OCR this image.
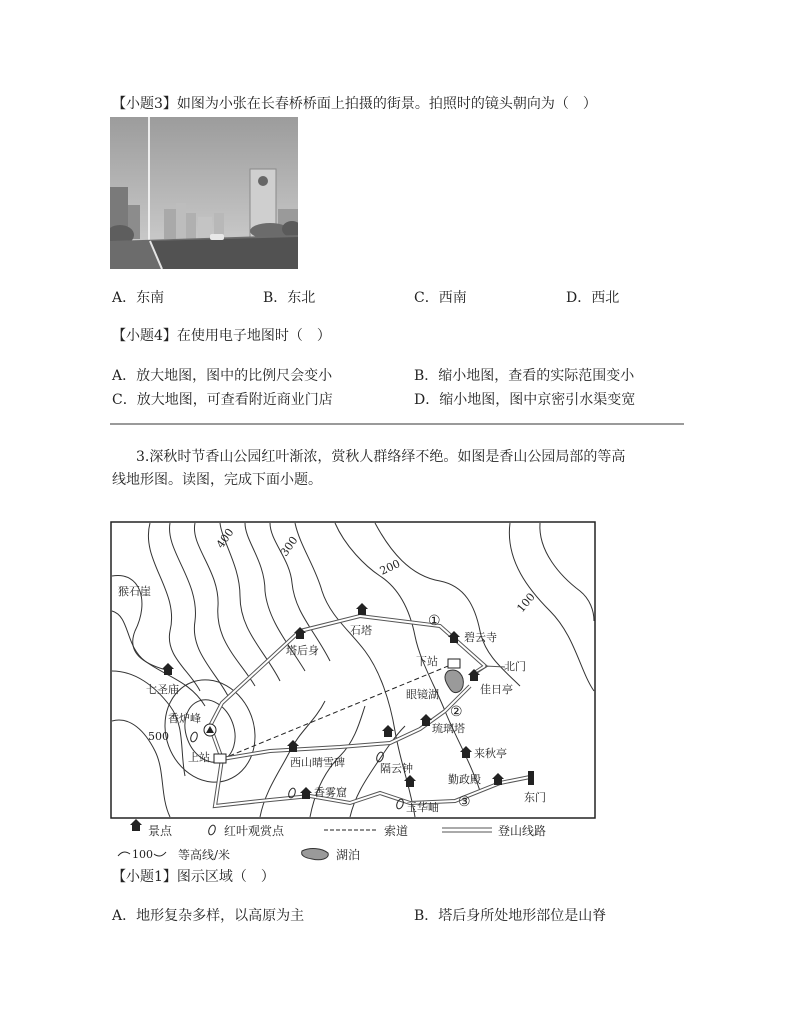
【小题3】如图为小张在长春桥桥面上拍摄的街景。拍照时的镜头朝向为（　）
A．东南	B．东北	C．西南	D．西北
【小题4】在使用电子地图时（　）
A．放大地图，图中的比例尺会变小	B．缩小地图，查看的实际范围变小
C．放大地图，可查看附近商业门店	D．缩小地图，图中京密引水渠变宽
3.深秋时节香山公园红叶渐浓，赏秋人群络绎不绝。如图是香山公园局部的等高
线地形图。读图，完成下面小题。
400	300
200
100
500
猴石崖
石塔
碧云寺
塔后身
下站	北门
佳日亭
眼镜湖
七圣庙
香炉峰
琉璃塔
上站	来秋亭
西山晴雪碑	隔云钟
勤政殿
东门
香雾窟
玉华岫
①
②
③
景点	红叶观赏点	索道	登山线路
100 等高线/米	湖泊
【小题1】图示区域（　）
A．地形复杂多样，以高原为主	B．塔后身所处地形部位是山脊
